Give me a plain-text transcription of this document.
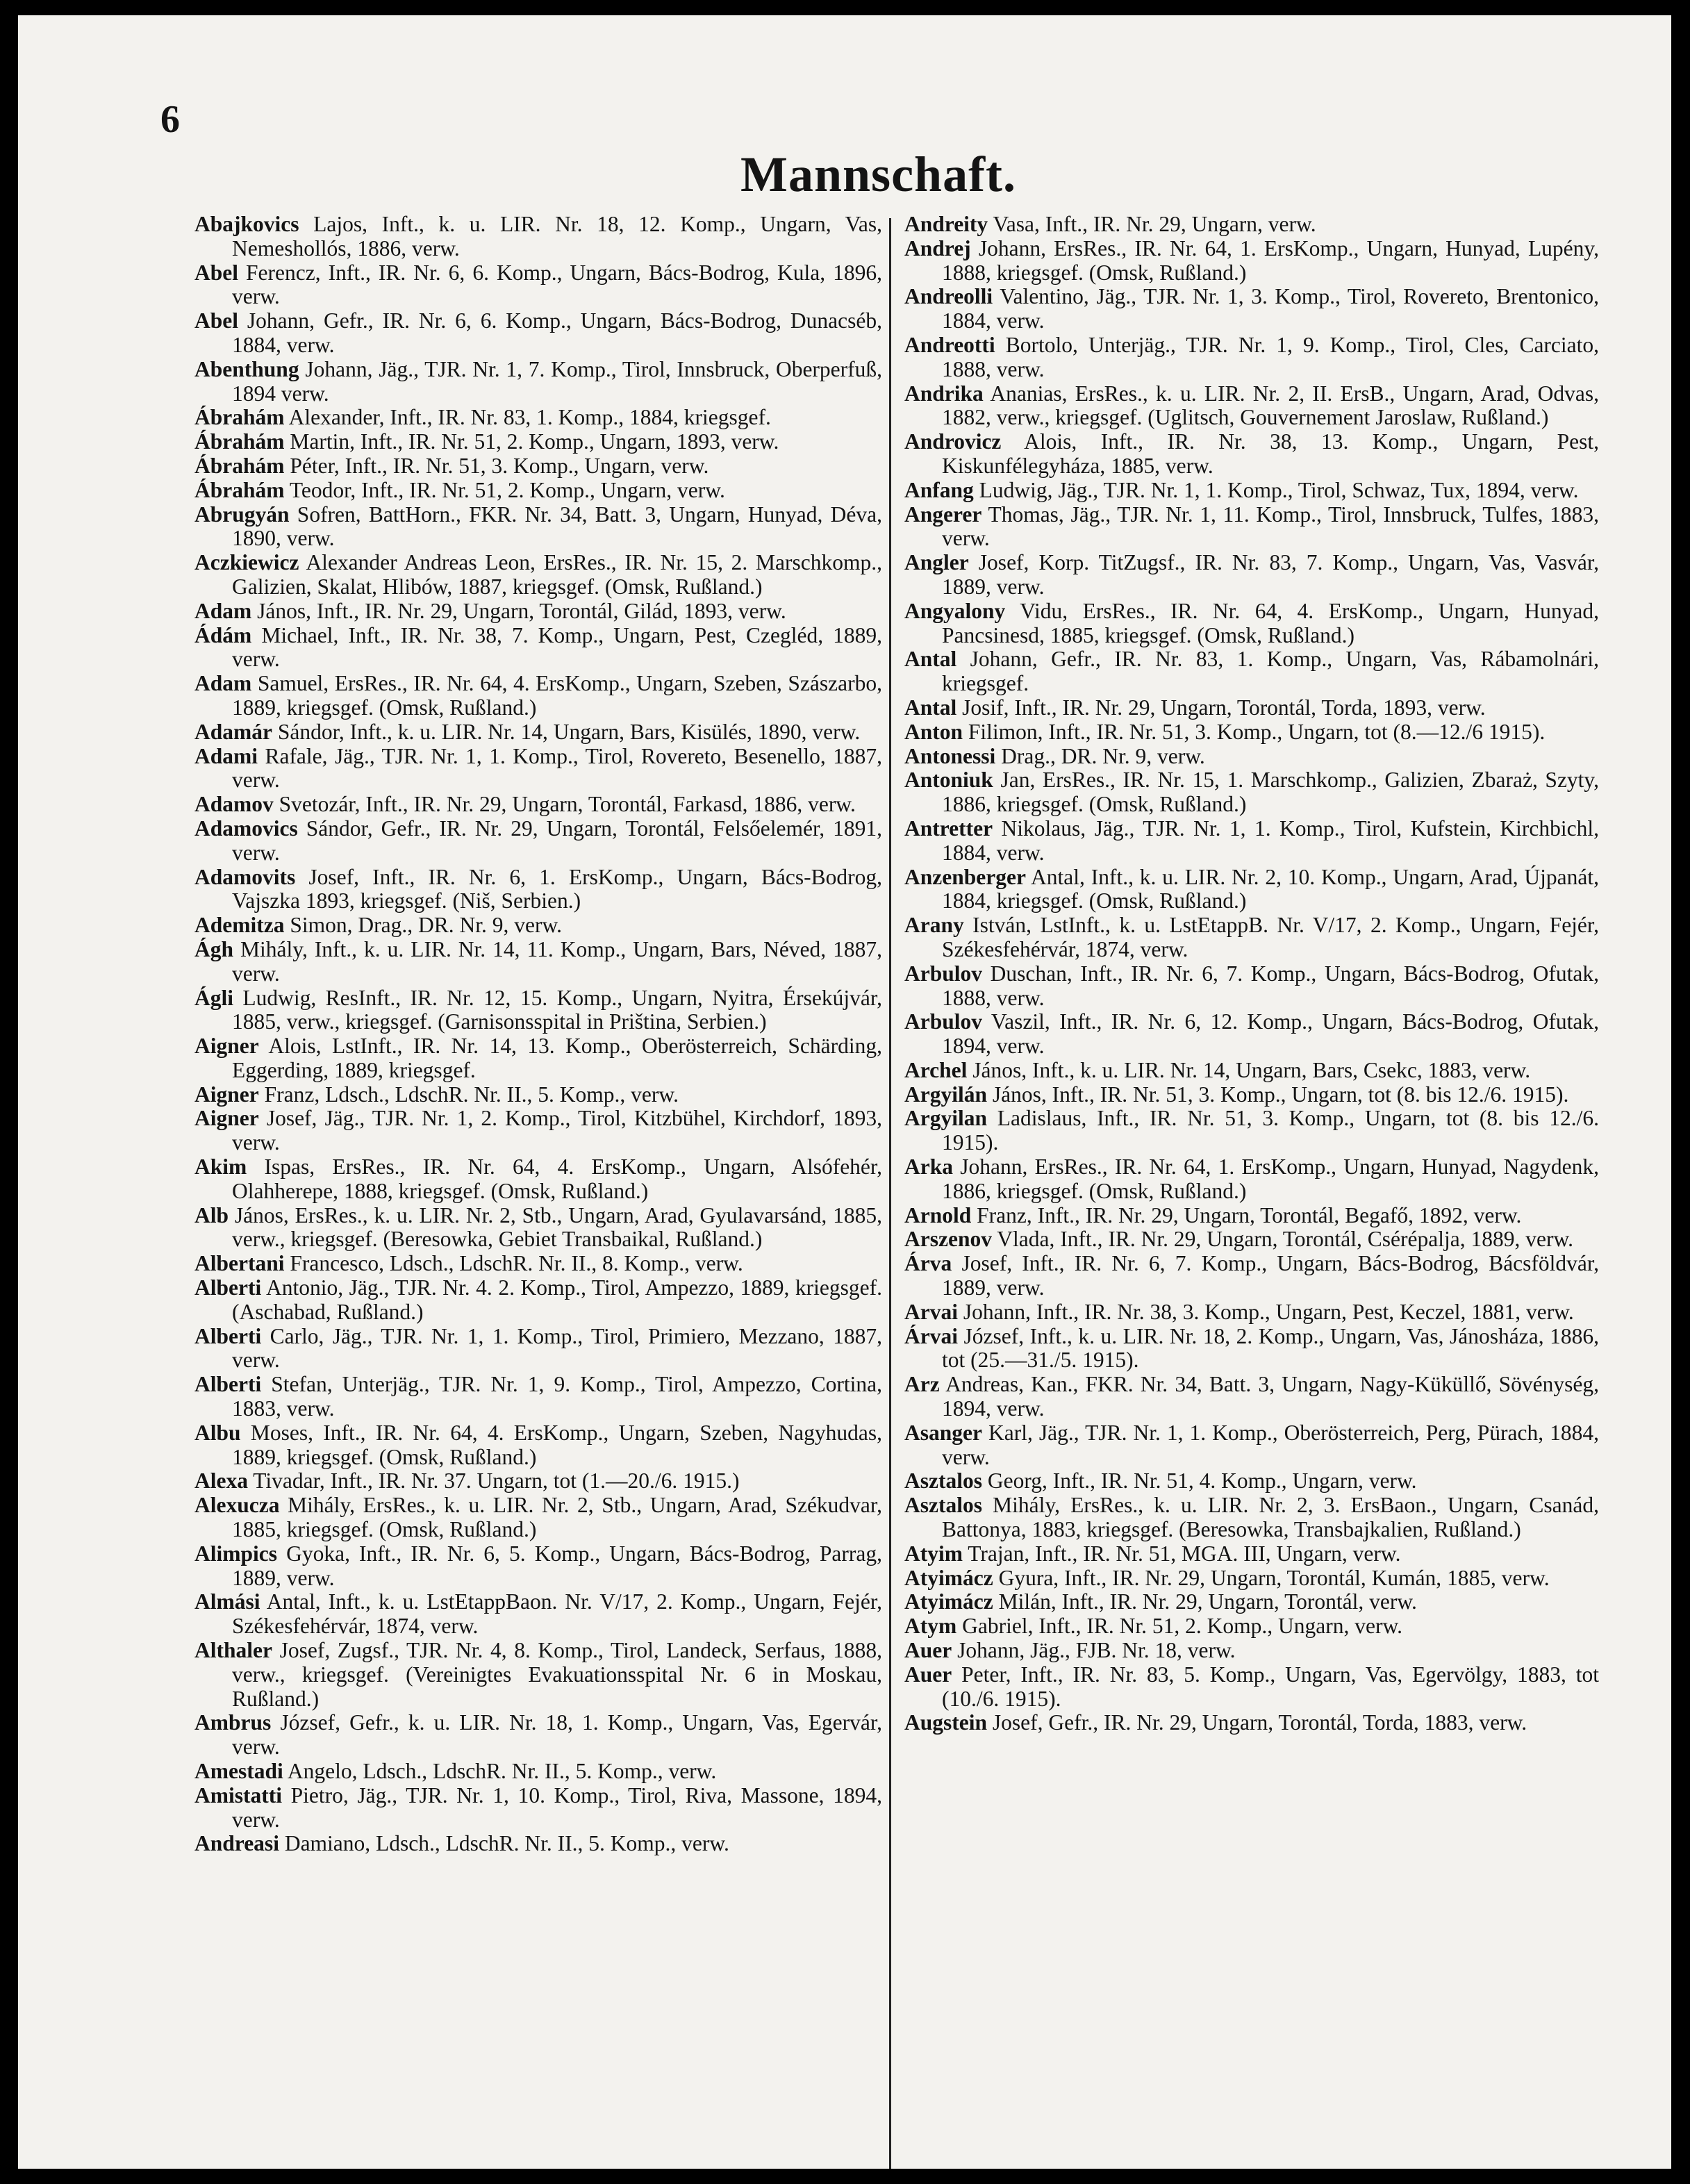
6
Mannschaft.

Abajkovics Lajos, Inft., k. u. LIR. Nr. 18, 12. Komp., Ungarn, Vas, Nemeshollós, 1886, verw.

Abel Ferencz, Inft., IR. Nr. 6, 6. Komp., Ungarn, Bács-Bodrog, Kula, 1896, verw.

Abel Johann, Gefr., IR. Nr. 6, 6. Komp., Ungarn, Bács-Bodrog, Dunacséb, 1884, verw.

Abenthung Johann, Jäg., TJR. Nr. 1, 7. Komp., Tirol, Innsbruck, Oberperfuß, 1894 verw.

Ábrahám Alexander, Inft., IR. Nr. 83, 1. Komp., 1884, kriegsgef.

Ábrahám Martin, Inft., IR. Nr. 51, 2. Komp., Ungarn, 1893, verw.

Ábrahám Péter, Inft., IR. Nr. 51, 3. Komp., Ungarn, verw.

Ábrahám Teodor, Inft., IR. Nr. 51, 2. Komp., Ungarn, verw.

Abrugyán Sofren, BattHorn., FKR. Nr. 34, Batt. 3, Ungarn, Hunyad, Déva, 1890, verw.

Aczkiewicz Alexander Andreas Leon, ErsRes., IR. Nr. 15, 2. Marschkomp., Galizien, Skalat, Hlibów, 1887, kriegsgef. (Omsk, Rußland.)

Adam János, Inft., IR. Nr. 29, Ungarn, Torontál, Gilád, 1893, verw.

Ádám Michael, Inft., IR. Nr. 38, 7. Komp., Ungarn, Pest, Czegléd, 1889, verw.

Adam Samuel, ErsRes., IR. Nr. 64, 4. ErsKomp., Ungarn, Szeben, Szászarbo, 1889, kriegsgef. (Omsk, Rußland.)

Adamár Sándor, Inft., k. u. LIR. Nr. 14, Ungarn, Bars, Kisülés, 1890, verw.

Adami Rafale, Jäg., TJR. Nr. 1, 1. Komp., Tirol, Rovereto, Besenello, 1887, verw.

Adamov Svetozár, Inft., IR. Nr. 29, Ungarn, Torontál, Farkasd, 1886, verw.

Adamovics Sándor, Gefr., IR. Nr. 29, Ungarn, Torontál, Felsőelemér, 1891, verw.

Adamovits Josef, Inft., IR. Nr. 6, 1. ErsKomp., Ungarn, Bács-Bodrog, Vajszka 1893, kriegsgef. (Niš, Serbien.)

Ademitza Simon, Drag., DR. Nr. 9, verw.

Ágh Mihály, Inft., k. u. LIR. Nr. 14, 11. Komp., Ungarn, Bars, Néved, 1887, verw.

Ágli Ludwig, ResInft., IR. Nr. 12, 15. Komp., Ungarn, Nyitra, Érsekújvár, 1885, verw., kriegsgef. (Garnisonsspital in Priština, Serbien.)

Aigner Alois, LstInft., IR. Nr. 14, 13. Komp., Oberösterreich, Schärding, Eggerding, 1889, kriegsgef.

Aigner Franz, Ldsch., LdschR. Nr. II., 5. Komp., verw.

Aigner Josef, Jäg., TJR. Nr. 1, 2. Komp., Tirol, Kitzbühel, Kirchdorf, 1893, verw.

Akim Ispas, ErsRes., IR. Nr. 64, 4. ErsKomp., Ungarn, Alsófehér, Olahherepe, 1888, kriegsgef. (Omsk, Rußland.)

Alb János, ErsRes., k. u. LIR. Nr. 2, Stb., Ungarn, Arad, Gyulavarsánd, 1885, verw., kriegsgef. (Beresowka, Gebiet Transbaikal, Rußland.)

Albertani Francesco, Ldsch., LdschR. Nr. II., 8. Komp., verw.

Alberti Antonio, Jäg., TJR. Nr. 4. 2. Komp., Tirol, Ampezzo, 1889, kriegsgef. (Aschabad, Rußland.)

Alberti Carlo, Jäg., TJR. Nr. 1, 1. Komp., Tirol, Primiero, Mezzano, 1887, verw.

Alberti Stefan, Unterjäg., TJR. Nr. 1, 9. Komp., Tirol, Ampezzo, Cortina, 1883, verw.

Albu Moses, Inft., IR. Nr. 64, 4. ErsKomp., Ungarn, Szeben, Nagyhudas, 1889, kriegsgef. (Omsk, Rußland.)

Alexa Tivadar, Inft., IR. Nr. 37. Ungarn, tot (1.—20./6. 1915.)

Alexucza Mihály, ErsRes., k. u. LIR. Nr. 2, Stb., Ungarn, Arad, Székudvar, 1885, kriegsgef. (Omsk, Rußland.)

Alimpics Gyoka, Inft., IR. Nr. 6, 5. Komp., Ungarn, Bács-Bodrog, Parrag, 1889, verw.

Almási Antal, Inft., k. u. LstEtappBaon. Nr. V/17, 2. Komp., Ungarn, Fejér, Székesfehérvár, 1874, verw.

Althaler Josef, Zugsf., TJR. Nr. 4, 8. Komp., Tirol, Landeck, Serfaus, 1888, verw., kriegsgef. (Vereinigtes Evakuationsspital Nr. 6 in Moskau, Rußland.)

Ambrus József, Gefr., k. u. LIR. Nr. 18, 1. Komp., Ungarn, Vas, Egervár, verw.

Amestadi Angelo, Ldsch., LdschR. Nr. II., 5. Komp., verw.

Amistatti Pietro, Jäg., TJR. Nr. 1, 10. Komp., Tirol, Riva, Massone, 1894, verw.

Andreasi Damiano, Ldsch., LdschR. Nr. II., 5. Komp., verw.

Andreity Vasa, Inft., IR. Nr. 29, Ungarn, verw.

Andrej Johann, ErsRes., IR. Nr. 64, 1. ErsKomp., Ungarn, Hunyad, Lupény, 1888, kriegsgef. (Omsk, Rußland.)

Andreolli Valentino, Jäg., TJR. Nr. 1, 3. Komp., Tirol, Rovereto, Brentonico, 1884, verw.

Andreotti Bortolo, Unterjäg., TJR. Nr. 1, 9. Komp., Tirol, Cles, Carciato, 1888, verw.

Andrika Ananias, ErsRes., k. u. LIR. Nr. 2, II. ErsB., Ungarn, Arad, Odvas, 1882, verw., kriegsgef. (Uglitsch, Gouvernement Jaroslaw, Rußland.)

Androvicz Alois, Inft., IR. Nr. 38, 13. Komp., Ungarn, Pest, Kiskunfélegyháza, 1885, verw.

Anfang Ludwig, Jäg., TJR. Nr. 1, 1. Komp., Tirol, Schwaz, Tux, 1894, verw.

Angerer Thomas, Jäg., TJR. Nr. 1, 11. Komp., Tirol, Innsbruck, Tulfes, 1883, verw.

Angler Josef, Korp. TitZugsf., IR. Nr. 83, 7. Komp., Ungarn, Vas, Vasvár, 1889, verw.

Angyalony Vidu, ErsRes., IR. Nr. 64, 4. ErsKomp., Ungarn, Hunyad, Pancsinesd, 1885, kriegsgef. (Omsk, Rußland.)

Antal Johann, Gefr., IR. Nr. 83, 1. Komp., Ungarn, Vas, Rábamolnári, kriegsgef.

Antal Josif, Inft., IR. Nr. 29, Ungarn, Torontál, Torda, 1893, verw.

Anton Filimon, Inft., IR. Nr. 51, 3. Komp., Ungarn, tot (8.—12./6 1915).

Antonessi Drag., DR. Nr. 9, verw.

Antoniuk Jan, ErsRes., IR. Nr. 15, 1. Marschkomp., Galizien, Zbaraż, Szyty, 1886, kriegsgef. (Omsk, Rußland.)

Antretter Nikolaus, Jäg., TJR. Nr. 1, 1. Komp., Tirol, Kufstein, Kirchbichl, 1884, verw.

Anzenberger Antal, Inft., k. u. LIR. Nr. 2, 10. Komp., Ungarn, Arad, Újpanát, 1884, kriegsgef. (Omsk, Rußland.)

Arany István, LstInft., k. u. LstEtappB. Nr. V/17, 2. Komp., Ungarn, Fejér, Székesfehérvár, 1874, verw.

Arbulov Duschan, Inft., IR. Nr. 6, 7. Komp., Ungarn, Bács-Bodrog, Ofutak, 1888, verw.

Arbulov Vaszil, Inft., IR. Nr. 6, 12. Komp., Ungarn, Bács-Bodrog, Ofutak, 1894, verw.

Archel János, Inft., k. u. LIR. Nr. 14, Ungarn, Bars, Csekc, 1883, verw.

Argyilán János, Inft., IR. Nr. 51, 3. Komp., Ungarn, tot (8. bis 12./6. 1915).

Argyilan Ladislaus, Inft., IR. Nr. 51, 3. Komp., Ungarn, tot (8. bis 12./6. 1915).

Arka Johann, ErsRes., IR. Nr. 64, 1. ErsKomp., Ungarn, Hunyad, Nagydenk, 1886, kriegsgef. (Omsk, Rußland.)

Arnold Franz, Inft., IR. Nr. 29, Ungarn, Torontál, Begafő, 1892, verw.

Arszenov Vlada, Inft., IR. Nr. 29, Ungarn, Torontál, Csérépalja, 1889, verw.

Árva Josef, Inft., IR. Nr. 6, 7. Komp., Ungarn, Bács-Bodrog, Bácsföldvár, 1889, verw.

Arvai Johann, Inft., IR. Nr. 38, 3. Komp., Ungarn, Pest, Keczel, 1881, verw.

Árvai József, Inft., k. u. LIR. Nr. 18, 2. Komp., Ungarn, Vas, Jánosháza, 1886, tot (25.—31./5. 1915).

Arz Andreas, Kan., FKR. Nr. 34, Batt. 3, Ungarn, Nagy-Küküllő, Sövénység, 1894, verw.

Asanger Karl, Jäg., TJR. Nr. 1, 1. Komp., Oberösterreich, Perg, Pürach, 1884, verw.

Asztalos Georg, Inft., IR. Nr. 51, 4. Komp., Ungarn, verw.

Asztalos Mihály, ErsRes., k. u. LIR. Nr. 2, 3. ErsBaon., Ungarn, Csanád, Battonya, 1883, kriegsgef. (Beresowka, Transbajkalien, Rußland.)

Atyim Trajan, Inft., IR. Nr. 51, MGA. III, Ungarn, verw.

Atyimácz Gyura, Inft., IR. Nr. 29, Ungarn, Torontál, Kumán, 1885, verw.

Atyimácz Milán, Inft., IR. Nr. 29, Ungarn, Torontál, verw.

Atym Gabriel, Inft., IR. Nr. 51, 2. Komp., Ungarn, verw.

Auer Johann, Jäg., FJB. Nr. 18, verw.

Auer Peter, Inft., IR. Nr. 83, 5. Komp., Ungarn, Vas, Egervölgy, 1883, tot (10./6. 1915).

Augstein Josef, Gefr., IR. Nr. 29, Ungarn, Torontál, Torda, 1883, verw.
